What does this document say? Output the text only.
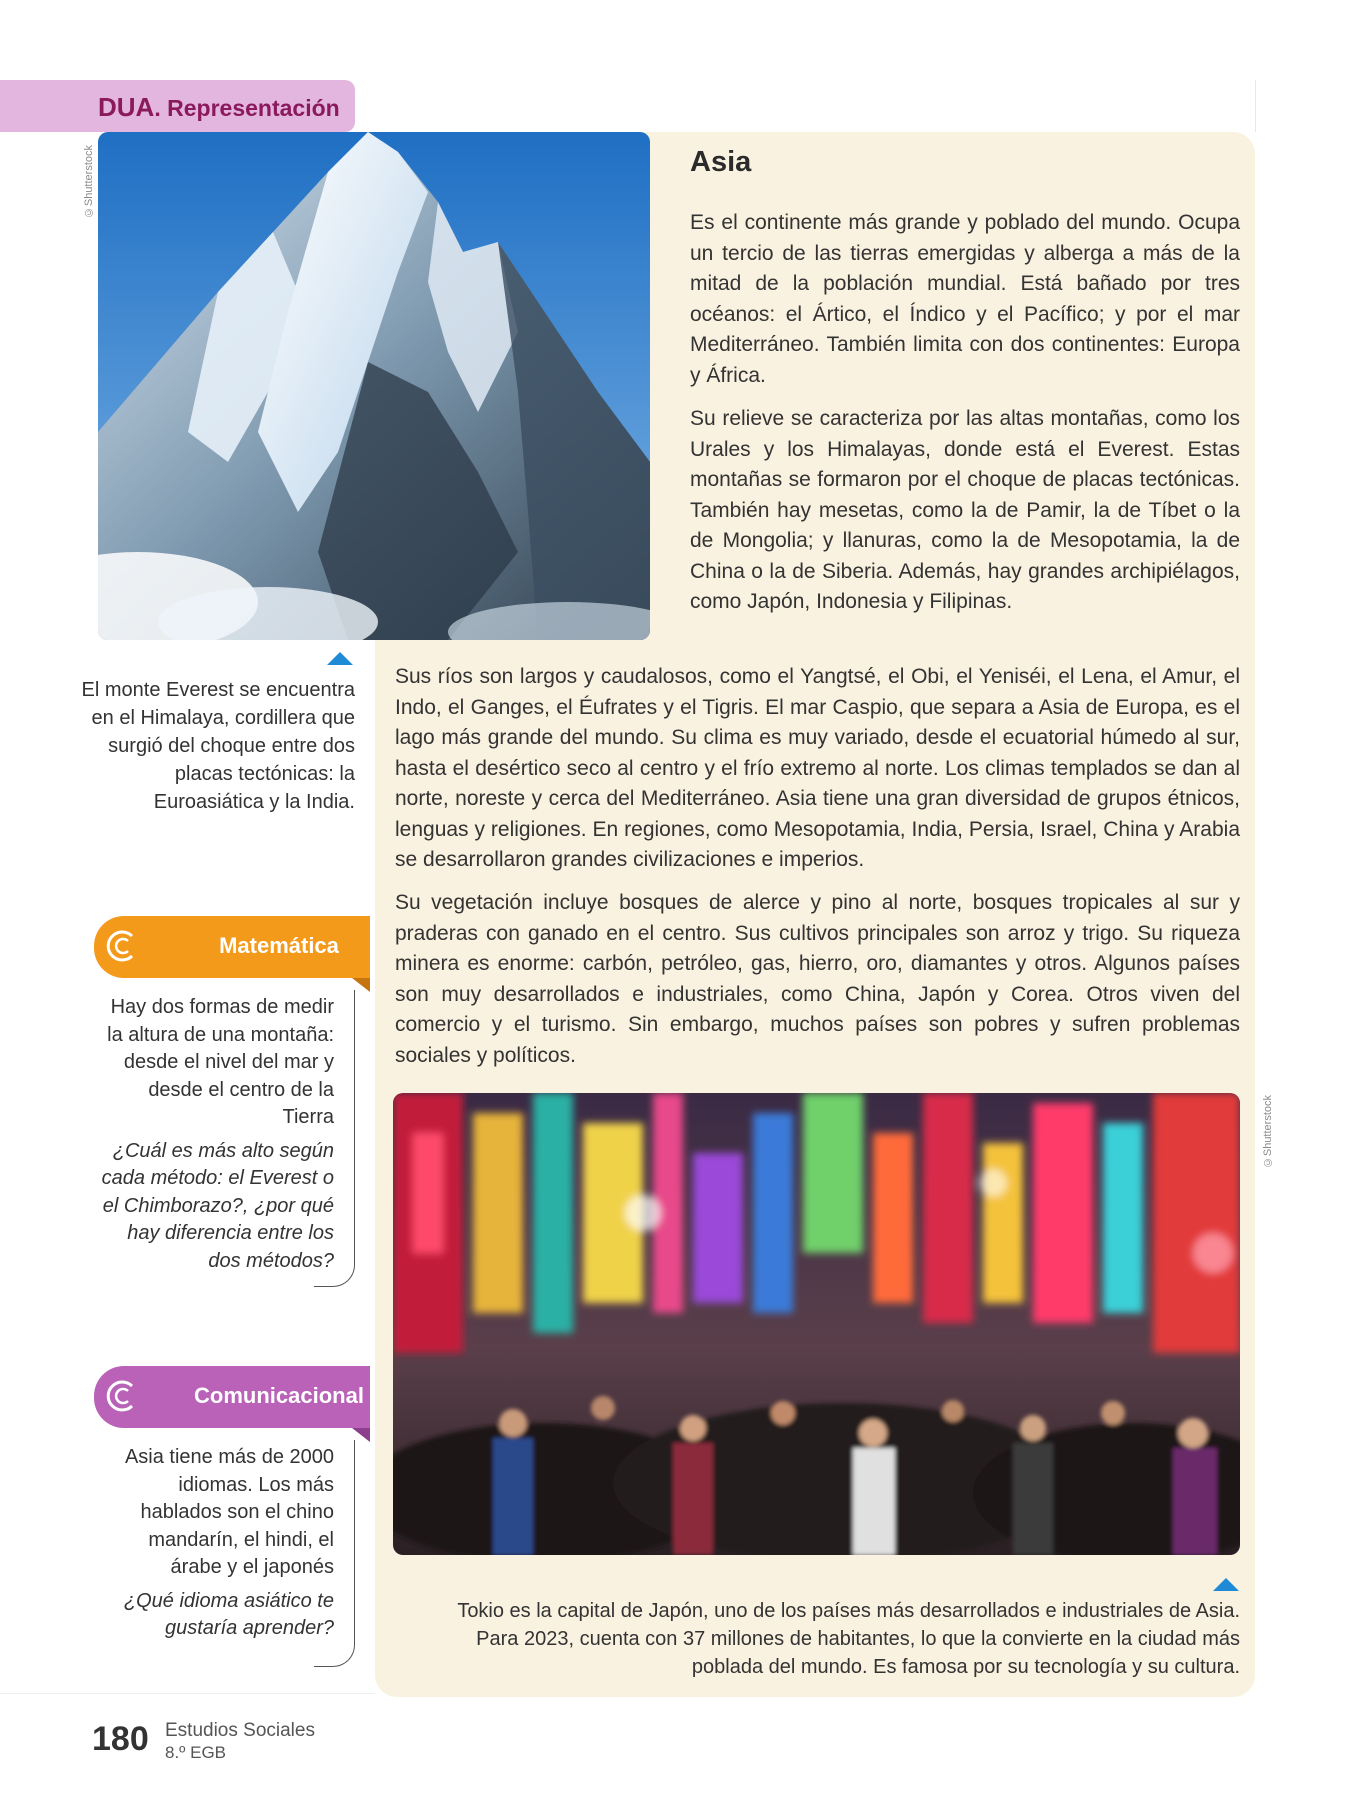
DUA. Representación
©Shutterstock
©Shutterstock
Asia
Es el continente más grande y poblado del mundo. Ocupa un tercio de las tierras emergidas y alberga a más de la mitad de la población mundial. Está bañado por tres océanos: el Ártico, el Índico y el Pacífico; y por el mar Mediterráneo. También limita con dos continentes: Europa y África.
Su relieve se caracteriza por las altas montañas, como los Urales y los Himalayas, donde está el Everest. Estas montañas se formaron por el choque de placas tectónicas. También hay mesetas, como la de Pamir, la de Tíbet o la de Mongolia; y llanuras, como la de Mesopotamia, la de China o la de Siberia. Además, hay grandes archipiélagos, como Japón, Indonesia y Filipinas.
Sus ríos son largos y caudalosos, como el Yangtsé, el Obi, el Yeniséi, el Lena, el Amur, el Indo, el Ganges, el Éufrates y el Tigris. El mar Caspio, que separa a Asia de Europa, es el lago más grande del mundo. Su clima es muy variado, desde el ecuatorial húmedo al sur, hasta el desértico seco al centro y el frío extremo al norte. Los climas templados se dan al norte, noreste y cerca del Mediterráneo. Asia tiene una gran diversidad de grupos étnicos, lenguas y religiones. En regiones, como Mesopotamia, India, Persia, Israel, China y Arabia se desarrollaron grandes civilizaciones e imperios.
Su vegetación incluye bosques de alerce y pino al norte, bosques tropicales al sur y praderas con ganado en el centro. Sus cultivos principales son arroz y trigo. Su riqueza minera es enorme: carbón, petróleo, gas, hierro, oro, diamantes y otros. Algunos países son muy desarrollados e industriales, como China, Japón y Corea. Otros viven del comercio y el turismo. Sin embargo, muchos países son pobres y sufren problemas sociales y políticos.
El monte Everest se encuentra en el Himalaya, cordillera que surgió del choque entre dos placas tectónicas: la Euroasiática y la India.
Matemática
Hay dos formas de medir la altura de una montaña: desde el nivel del mar y desde el centro de la Tierra
¿Cuál es más alto según cada método: el Everest o el Chimborazo?, ¿por qué hay diferencia entre los dos métodos?
Comunicacional
Asia tiene más de 2000 idiomas. Los más hablados son el chino mandarín, el hindi, el árabe y el japonés
¿Qué idioma asiático te gustaría aprender?
Tokio es la capital de Japón, uno de los países más desarrollados e industriales de Asia. Para 2023, cuenta con 37 millones de habitantes, lo que la convierte en la ciudad más poblada del mundo. Es famosa por su tecnología y su cultura.
180 Estudios Sociales
8.º EGB
